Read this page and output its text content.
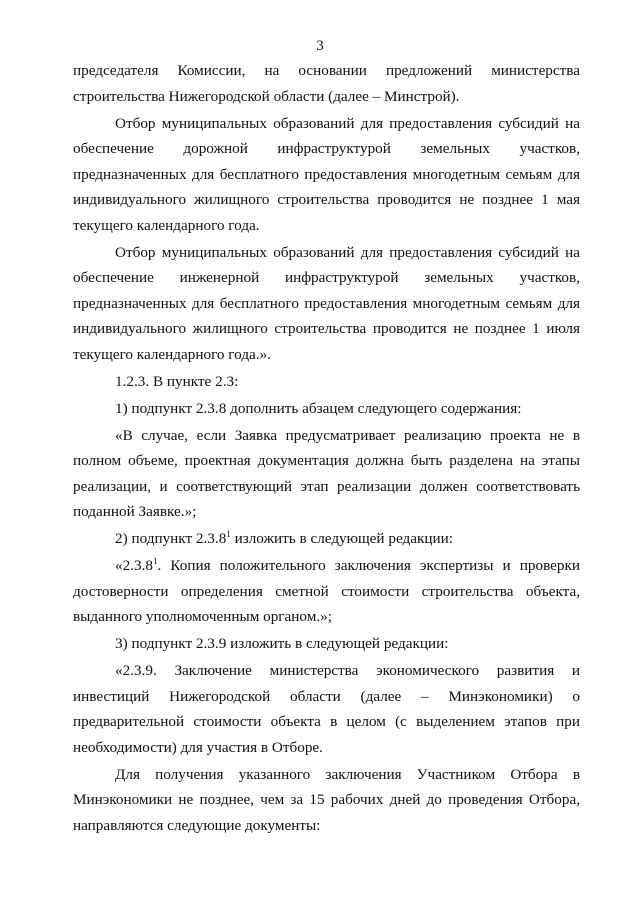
3

председателя Комиссии, на основании предложений министерства строительства Нижегородской области (далее – Минстрой).

Отбор муниципальных образований для предоставления субсидий на обеспечение дорожной инфраструктурой земельных участков, предназначенных для бесплатного предоставления многодетным семьям для индивидуального жилищного строительства проводится не позднее 1 мая текущего календарного года.

Отбор муниципальных образований для предоставления субсидий на обеспечение инженерной инфраструктурой земельных участков, предназначенных для бесплатного предоставления многодетным семьям для индивидуального жилищного строительства проводится не позднее 1 июля текущего календарного года.».

1.2.3. В пункте 2.3:

1) подпункт 2.3.8 дополнить абзацем следующего содержания:

«В случае, если Заявка предусматривает реализацию проекта не в полном объеме, проектная документация должна быть разделена на этапы реализации, и соответствующий этап реализации должен соответствовать поданной Заявке.»;

2) подпункт 2.3.8$^1$ изложить в следующей редакции:

«2.3.8$^1$. Копия положительного заключения экспертизы и проверки достоверности определения сметной стоимости строительства объекта, выданного уполномоченным органом.»;

3) подпункт 2.3.9 изложить в следующей редакции:

«2.3.9. Заключение министерства экономического развития и инвестиций Нижегородской области (далее – Минэкономики) о предварительной стоимости объекта в целом (с выделением этапов при необходимости) для участия в Отборе.

Для получения указанного заключения Участником Отбора в Минэкономики не позднее, чем за 15 рабочих дней до проведения Отбора, направляются следующие документы:
